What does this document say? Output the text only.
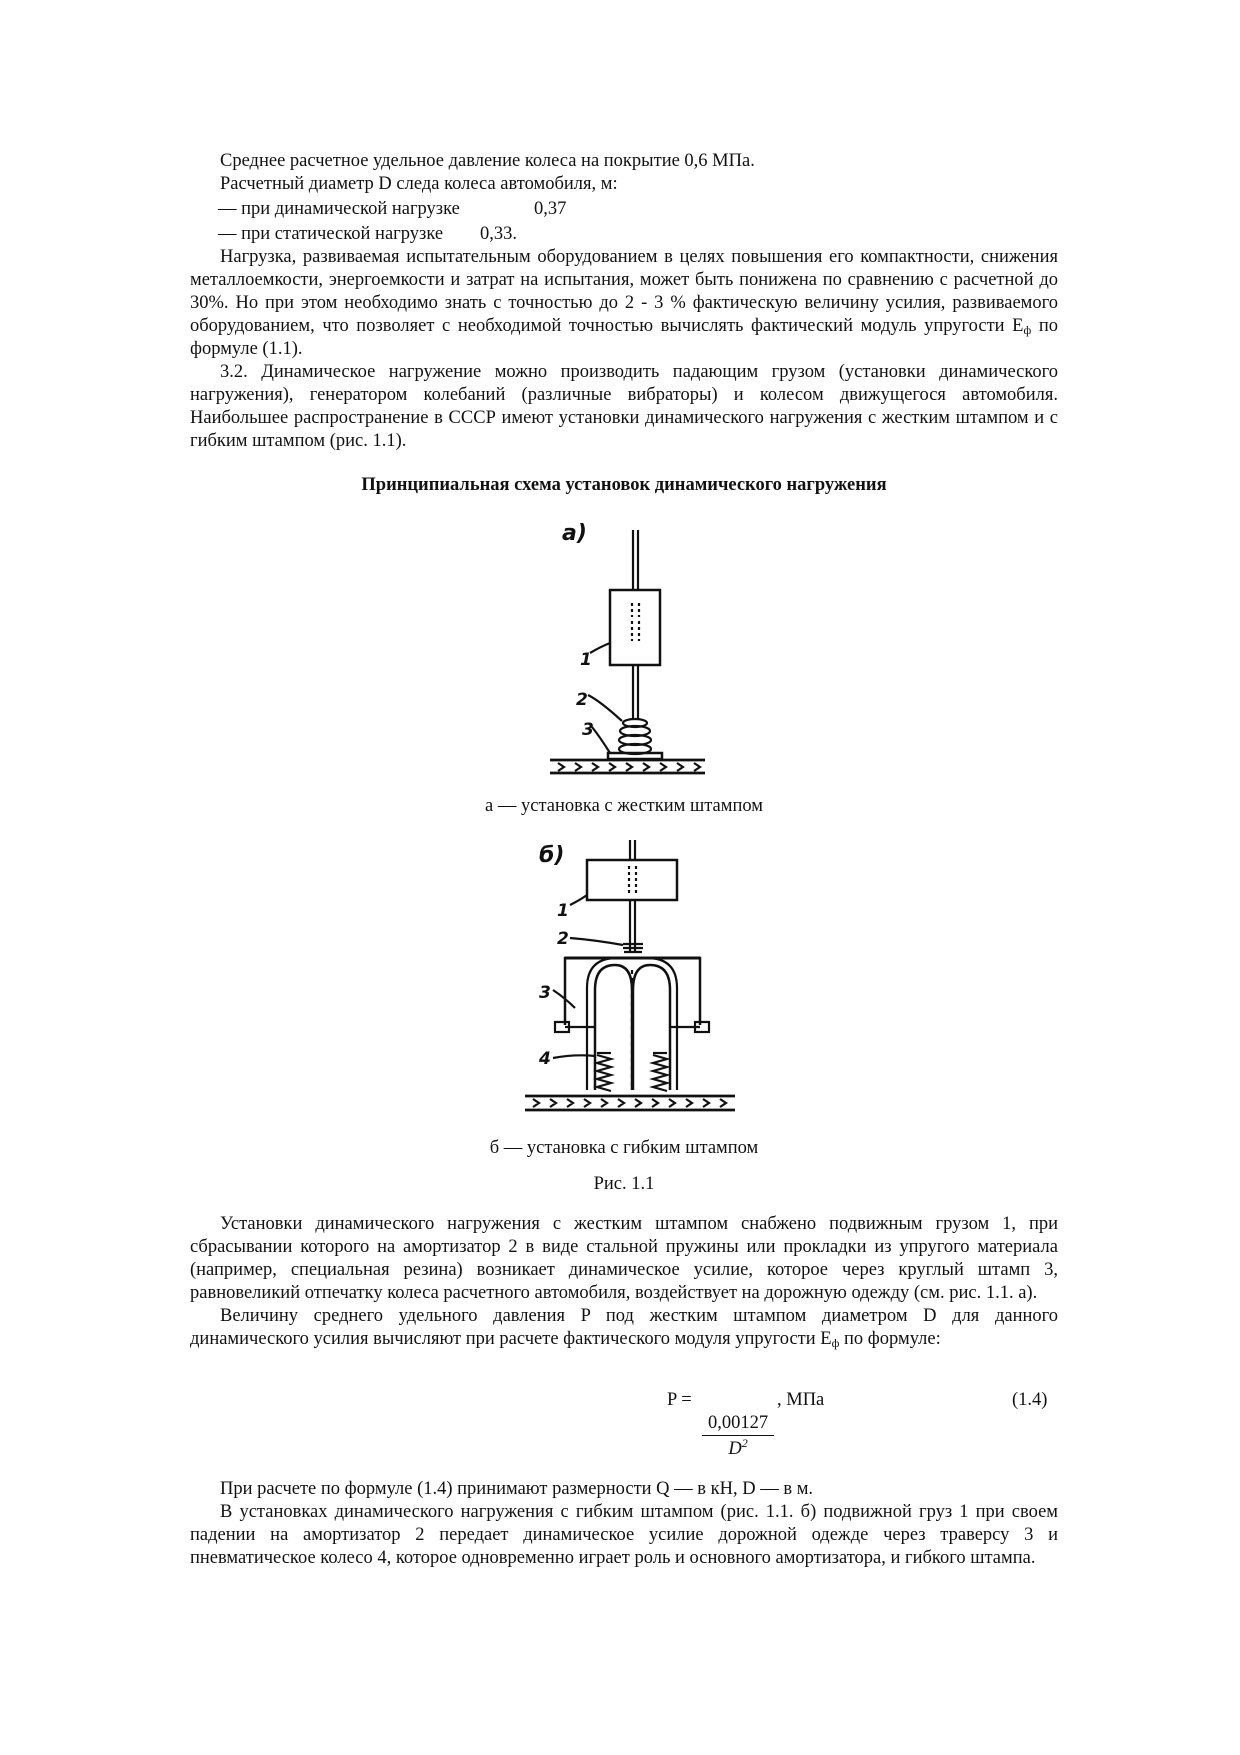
Среднее расчетное удельное давление колеса на покрытие 0,6 МПа.

Расчетный диаметр D следа колеса автомобиля, м:

— при динамической нагрузке	0,37
— при статической нагрузке	0,33.

Нагрузка, развиваемая испытательным оборудованием в целях повышения его компактности, снижения металлоемкости, энергоемкости и затрат на испытания, может быть понижена по сравнению с расчетной до 30%. Но при этом необходимо знать с точностью до 2 - 3 % фактическую величину усилия, развиваемого оборудованием, что позволяет с необходимой точностью вычислять фактический модуль упругости $E_ф$ по формуле (1.1).

3.2. Динамическое нагружение можно производить падающим грузом (установки динамического нагружения), генератором колебаний (различные вибраторы) и колесом движущегося автомобиля. Наибольшее распространение в СССР имеют установки динамического нагружения с жестким штампом и с гибким штампом (рис. 1.1).

Принципиальная схема установок динамического нагружения
а)
1
2
3
а — установка с жестким штампом
б)
1
2
3
4
б — установка с гибким штампом
Рис. 1.1

Установки динамического нагружения с жестким штампом снабжено подвижным грузом 1, при сбрасывании которого на амортизатор 2 в виде стальной пружины или прокладки из упругого материала (например, специальная резина) возникает динамическое усилие, которое через круглый штамп 3, равновеликий отпечатку колеса расчетного автомобиля, воздействует на дорожную одежду (см. рис. 1.1. а).

Величину среднего удельного давления P под жестким штампом диаметром D для данного динамического усилия вычисляют при расчете фактического модуля упругости $E_ф$ по формуле:

P =	, МПа	(1.4)
0,00127
$D^2$

При расчете по формуле (1.4) принимают размерности Q — в кН, D — в м.

В установках динамического нагружения с гибким штампом (рис. 1.1. б) подвижной груз 1 при своем падении на амортизатор 2 передает динамическое усилие дорожной одежде через траверсу 3 и пневматическое колесо 4, которое одновременно играет роль и основного амортизатора, и гибкого штампа.
